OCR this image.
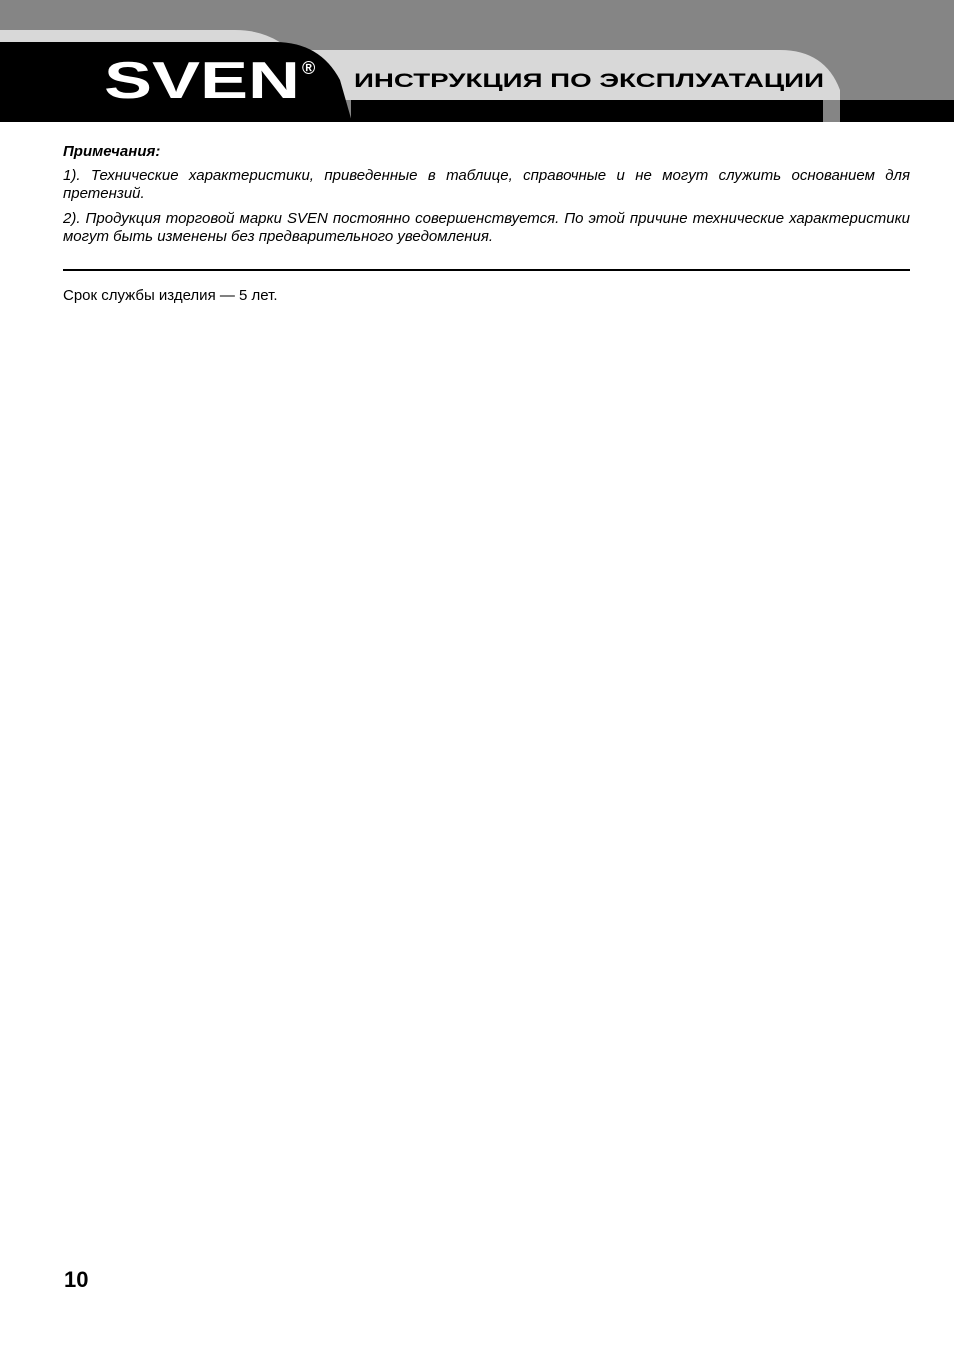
SVEN ®
ИНСТРУКЦИЯ ПО ЭКСПЛУАТАЦИИ

Примечания:

1). Технические характеристики, приведенные в таблице, справочные и не могут служить основанием для претензий.

2). Продукция торговой марки SVEN постоянно совершенствуется. По этой причине технические характеристики могут быть изменены без предварительного уведомления.

Срок службы изделия — 5 лет.
10
